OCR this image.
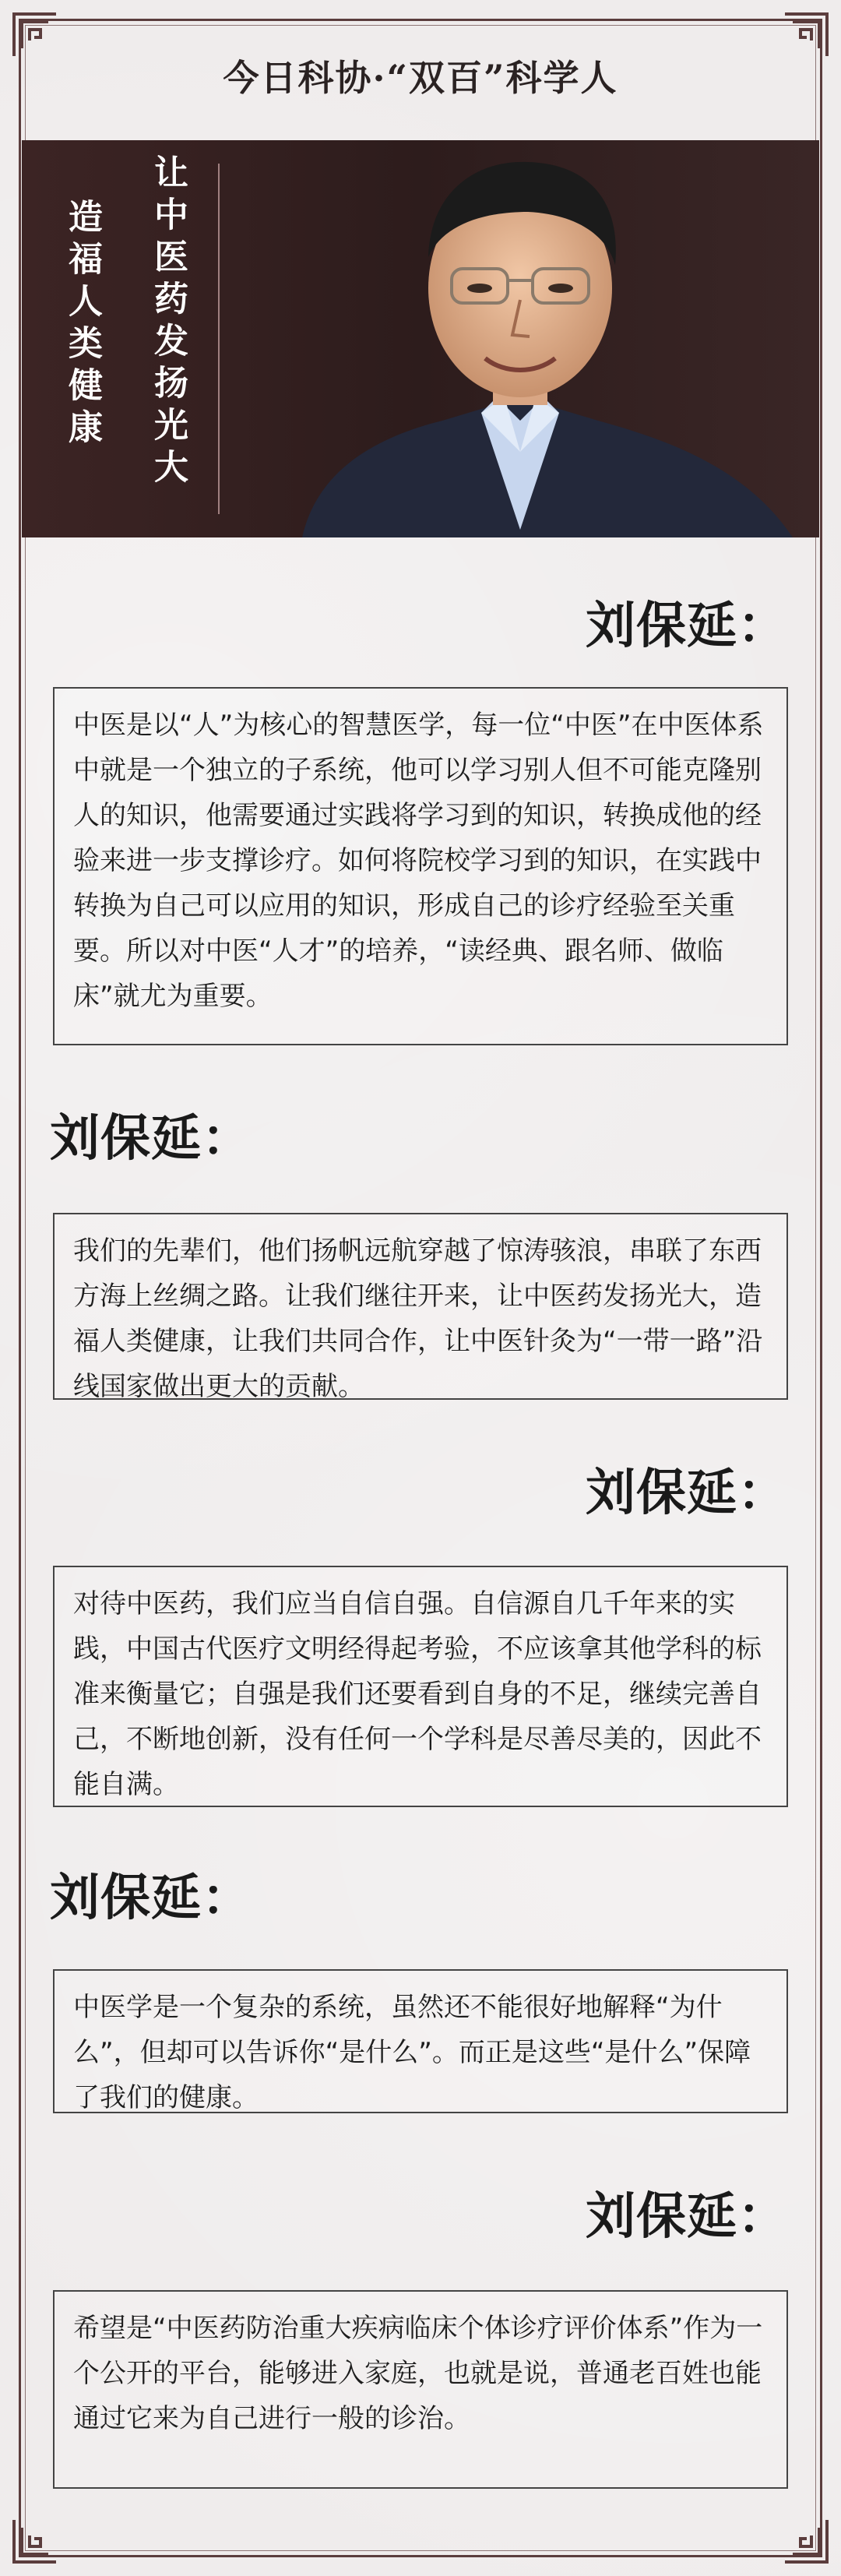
今日科协·“双百”科学人
让中医药发扬光大
造福人类健康
刘保延：

中医是以“人”为核心的智慧医学，每一位“中医”在中医体系中就是一个独立的子系统，他可以学习别人但不可能克隆别人的知识，他需要通过实践将学习到的知识，转换成他的经验来进一步支撑诊疗。如何将院校学习到的知识，在实践中转换为自己可以应用的知识，形成自己的诊疗经验至关重要。所以对中医“人才”的培养，“读经典、跟名师、做临床”就尤为重要。

刘保延：

我们的先辈们，他们扬帆远航穿越了惊涛骇浪，串联了东西方海上丝绸之路。让我们继往开来，让中医药发扬光大，造福人类健康，让我们共同合作，让中医针灸为“一带一路”沿线国家做出更大的贡献。

刘保延：

对待中医药，我们应当自信自强。自信源自几千年来的实践，中国古代医疗文明经得起考验，不应该拿其他学科的标准来衡量它；自强是我们还要看到自身的不足，继续完善自己，不断地创新，没有任何一个学科是尽善尽美的，因此不能自满。

刘保延：

中医学是一个复杂的系统，虽然还不能很好地解释“为什么”，但却可以告诉你“是什么”。而正是这些“是什么”保障了我们的健康。

刘保延：

希望是“中医药防治重大疾病临床个体诊疗评价体系”作为一个公开的平台，能够进入家庭，也就是说，普通老百姓也能通过它来为自己进行一般的诊治。
